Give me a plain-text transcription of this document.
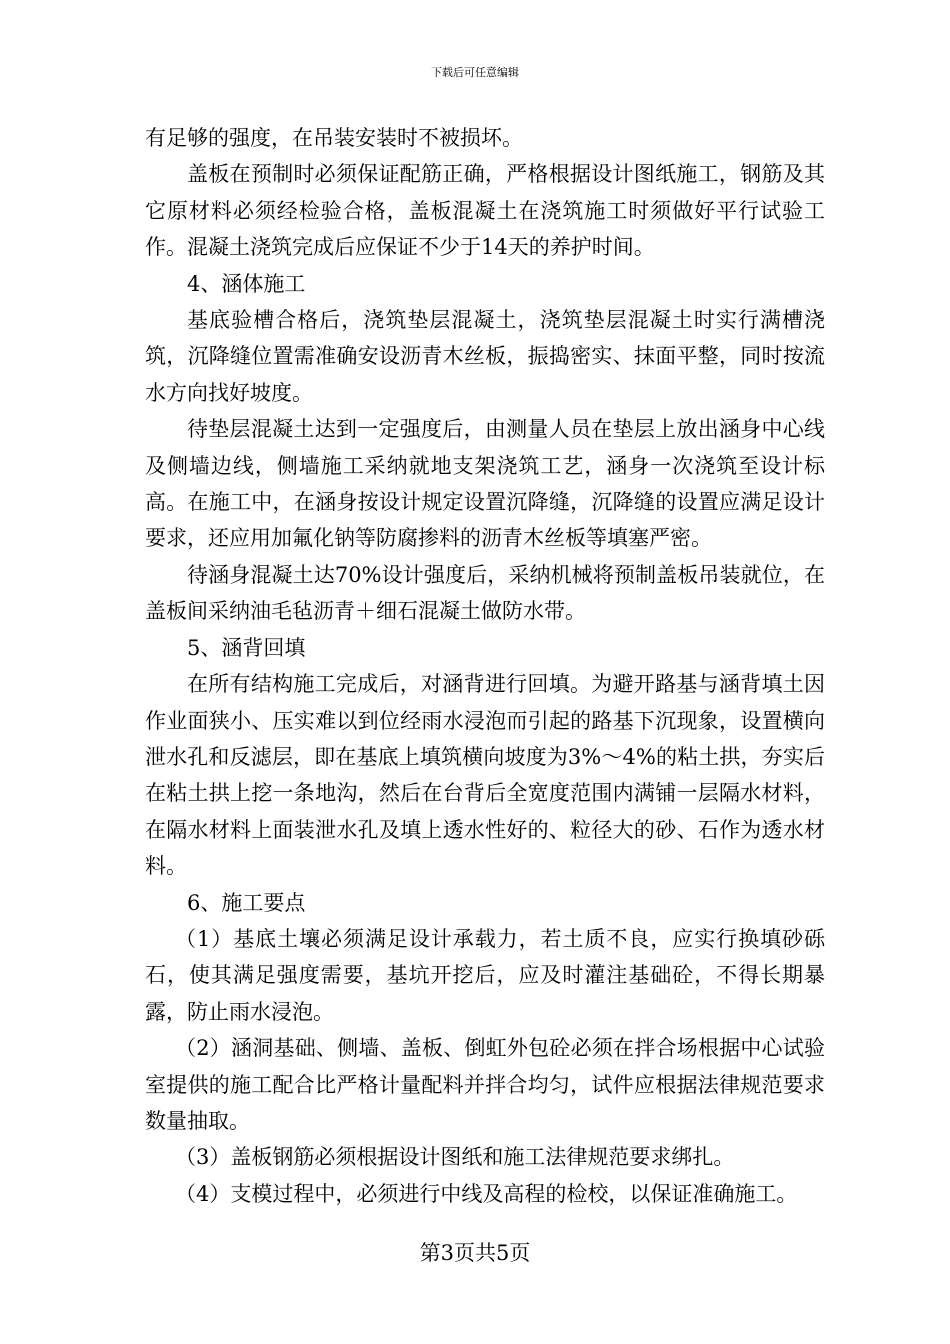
下载后可任意编辑

有足够的强度，在吊装安装时不被损坏。

盖板在预制时必须保证配筋正确，严格根据设计图纸施工，钢筋及其它原材料必须经检验合格，盖板混凝土在浇筑施工时须做好平行试验工作。混凝土浇筑完成后应保证不少于14天的养护时间。

4、涵体施工

基底验槽合格后，浇筑垫层混凝土，浇筑垫层混凝土时实行满槽浇筑，沉降缝位置需准确安设沥青木丝板，振捣密实、抹面平整，同时按流水方向找好坡度。

待垫层混凝土达到一定强度后，由测量人员在垫层上放出涵身中心线及侧墙边线，侧墙施工采纳就地支架浇筑工艺，涵身一次浇筑至设计标高。在施工中，在涵身按设计规定设置沉降缝，沉降缝的设置应满足设计要求，还应用加氟化钠等防腐掺料的沥青木丝板等填塞严密。

待涵身混凝土达70%设计强度后，采纳机械将预制盖板吊装就位，在盖板间采纳油毛毡沥青＋细石混凝土做防水带。

5、涵背回填

在所有结构施工完成后，对涵背进行回填。为避开路基与涵背填土因作业面狭小、压实难以到位经雨水浸泡而引起的路基下沉现象，设置横向泄水孔和反滤层，即在基底上填筑横向坡度为3%～4%的粘土拱，夯实后在粘土拱上挖一条地沟，然后在台背后全宽度范围内满铺一层隔水材料，在隔水材料上面装泄水孔及填上透水性好的、粒径大的砂、石作为透水材料。

6、施工要点

（1）基底土壤必须满足设计承载力，若土质不良，应实行换填砂砾石，使其满足强度需要，基坑开挖后，应及时灌注基础砼，不得长期暴露，防止雨水浸泡。

（2）涵洞基础、侧墙、盖板、倒虹外包砼必须在拌合场根据中心试验室提供的施工配合比严格计量配料并拌合均匀，试件应根据法律规范要求数量抽取。

（3）盖板钢筋必须根据设计图纸和施工法律规范要求绑扎。

（4）支模过程中，必须进行中线及高程的检校，以保证准确施工。

第3页共5页
